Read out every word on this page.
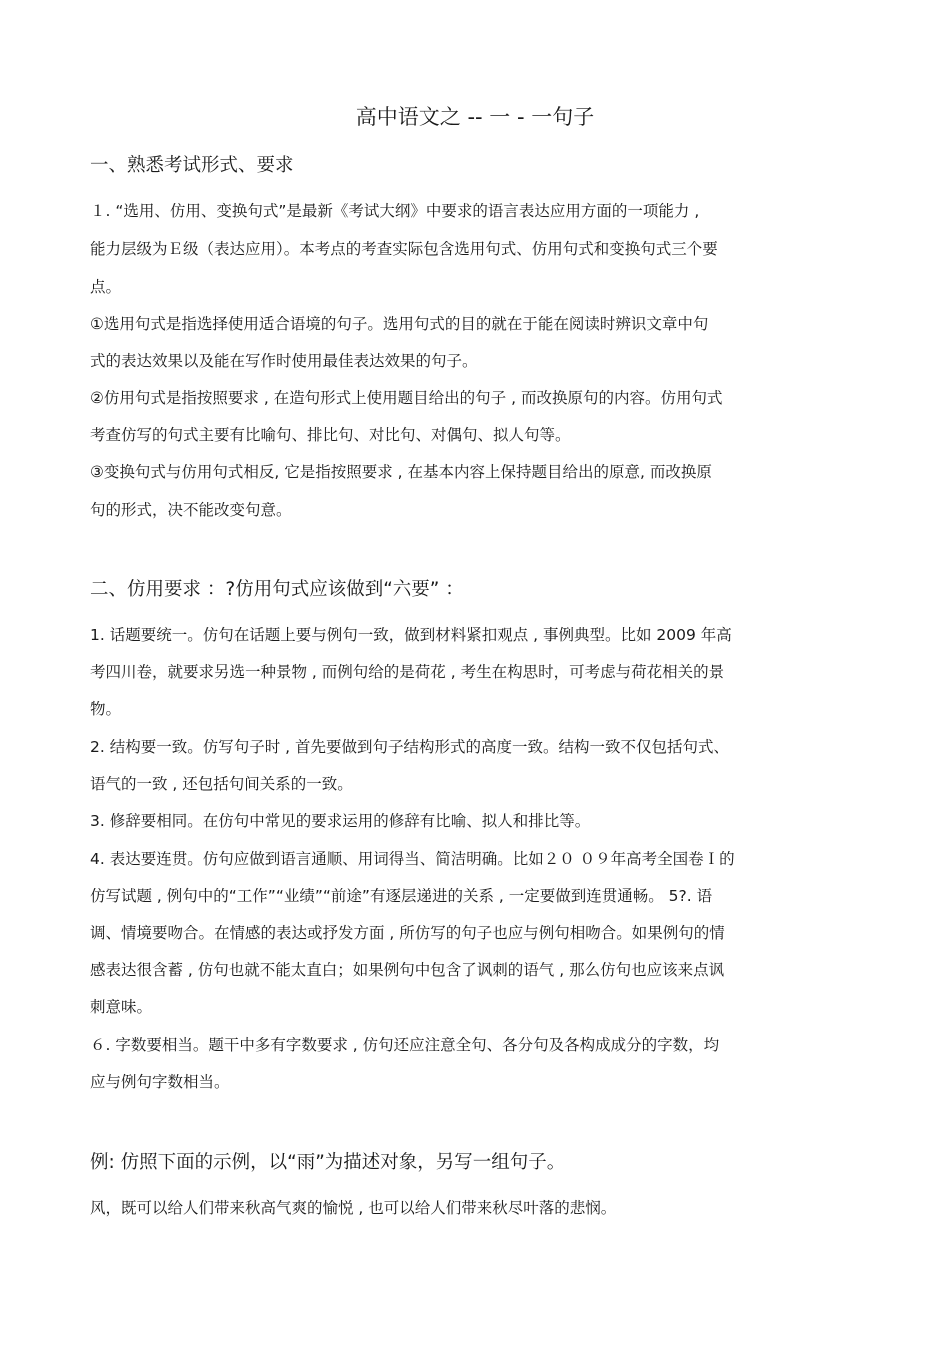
高中语文之 -- 一 - 一句子
一、熟悉考试形式、要求
１. “选用、仿用、变换句式”是最新《考试大纲》中要求的语言表达应用方面的一项能力 ,
能力层级为Ｅ级（表达应用）。本考点的考查实际包含选用句式、仿用句式和变换句式三个要
点。
①选用句式是指选择使用适合语境的句子。选用句式的目的就在于能在阅读时辨识文章中句
式的表达效果以及能在写作时使用最佳表达效果的句子。
②仿用句式是指按照要求 , 在造句形式上使用题目给出的句子 , 而改换原句的内容。仿用句式
考查仿写的句式主要有比喻句、排比句、对比句、对偶句、拟人句等。
③变换句式与仿用句式相反, 它是指按照要求 , 在基本内容上保持题目给出的原意, 而改换原
句的形式，决不能改变句意。
二、仿用要求 ：?仿用句式应该做到“六要” ：
1. 话题要统一。仿句在话题上要与例句一致，做到材料紧扣观点 , 事例典型。比如 2009 年高
考四川卷，就要求另选一种景物 , 而例句给的是荷花 , 考生在构思时，可考虑与荷花相关的景
物。
2. 结构要一致。仿写句子时 , 首先要做到句子结构形式的高度一致。结构一致不仅包括句式、
语气的一致 , 还包括句间关系的一致。
3. 修辞要相同。在仿句中常见的要求运用的修辞有比喻、拟人和排比等。
4. 表达要连贯。仿句应做到语言通顺、用词得当、简洁明确。比如２０ ０９年高考全国卷Ｉ的
仿写试题 , 例句中的“工作”“业绩”“前途”有逐层递进的关系 , 一定要做到连贯通畅。 5?. 语
调、情境要吻合。在情感的表达或抒发方面 , 所仿写的句子也应与例句相吻合。如果例句的情
感表达很含蓄 , 仿句也就不能太直白；如果例句中包含了讽刺的语气 , 那么仿句也应该来点讽
刺意味。
６. 字数要相当。题干中多有字数要求 , 仿句还应注意全句、各分句及各构成成分的字数，均
应与例句字数相当。
例: 仿照下面的示例，以“雨”为描述对象，另写一组句子。
风，既可以给人们带来秋高气爽的愉悦 , 也可以给人们带来秋尽叶落的悲悯。
